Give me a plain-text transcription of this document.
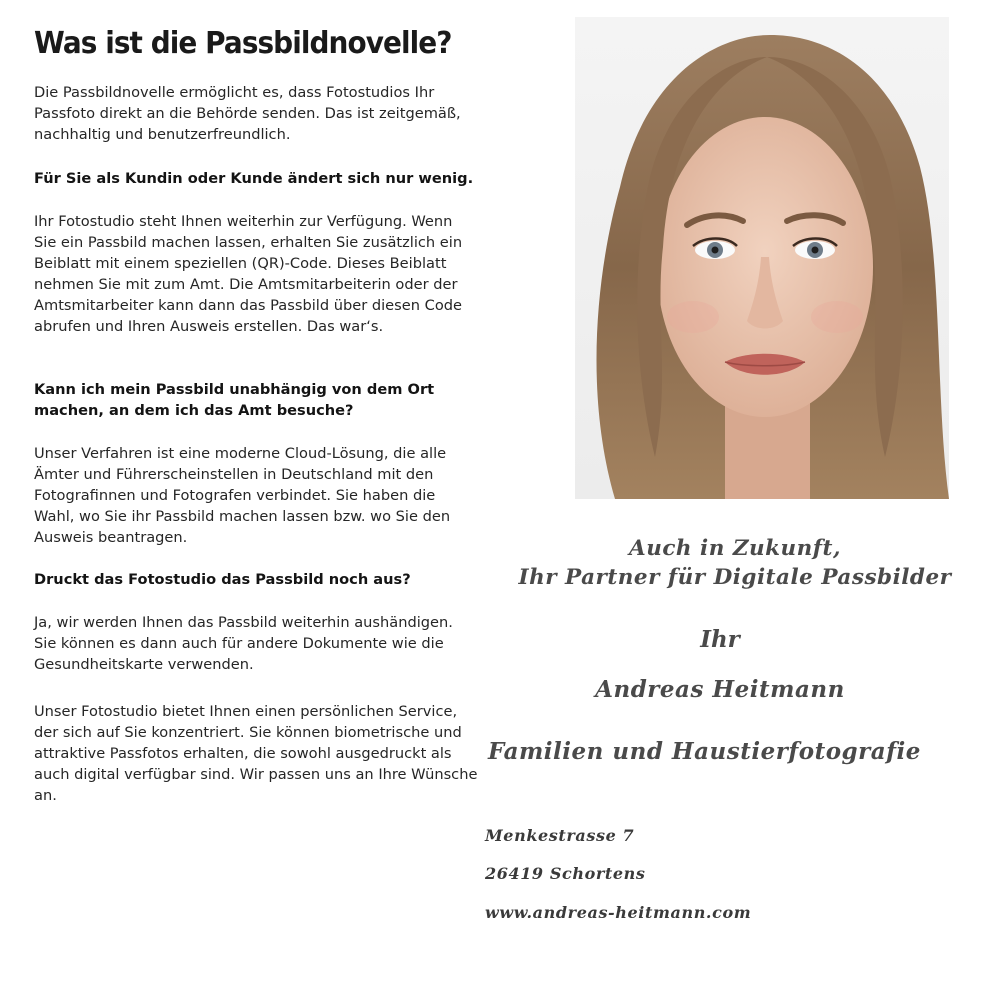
Was ist die Passbildnovelle?

Die Passbildnovelle ermöglicht es, dass Fotostudios Ihr

Passfoto direkt an die Behörde senden. Das ist zeitgemäß,

nachhaltig und benutzerfreundlich.

Für Sie als Kundin oder Kunde ändert sich nur wenig.

Ihr Fotostudio steht Ihnen weiterhin zur Verfügung. Wenn

Sie ein Passbild machen lassen, erhalten Sie zusätzlich ein

Beiblatt mit einem speziellen (QR)-Code. Dieses Beiblatt

nehmen Sie mit zum Amt. Die Amtsmitarbeiterin oder der

Amtsmitarbeiter kann dann das Passbild über diesen Code

abrufen und Ihren Ausweis erstellen. Das war‘s.

Kann ich mein Passbild unabhängig von dem Ort

machen, an dem ich das Amt besuche?

Unser Verfahren ist eine moderne Cloud-Lösung, die alle

Ämter und Führerscheinstellen in Deutschland mit den

Fotografinnen und Fotografen verbindet. Sie haben die

Wahl, wo Sie ihr Passbild machen lassen bzw. wo Sie den

Ausweis beantragen.

Druckt das Fotostudio das Passbild noch aus?

Ja, wir werden Ihnen das Passbild weiterhin aushändigen.

Sie können es dann auch für andere Dokumente wie die

Gesundheitskarte verwenden.

Unser Fotostudio bietet Ihnen einen persönlichen Service,

der sich auf Sie konzentriert. Sie können biometrische und

attraktive Passfotos erhalten, die sowohl ausgedruckt als

auch digital verfügbar sind. Wir passen uns an Ihre Wünsche

an.

Auch in Zukunft,
Ihr Partner für Digitale Passbilder
Ihr
Andreas Heitmann
Familien und Haustierfotografie
Menkestrasse 7
26419 Schortens
www.andreas-heitmann.com
